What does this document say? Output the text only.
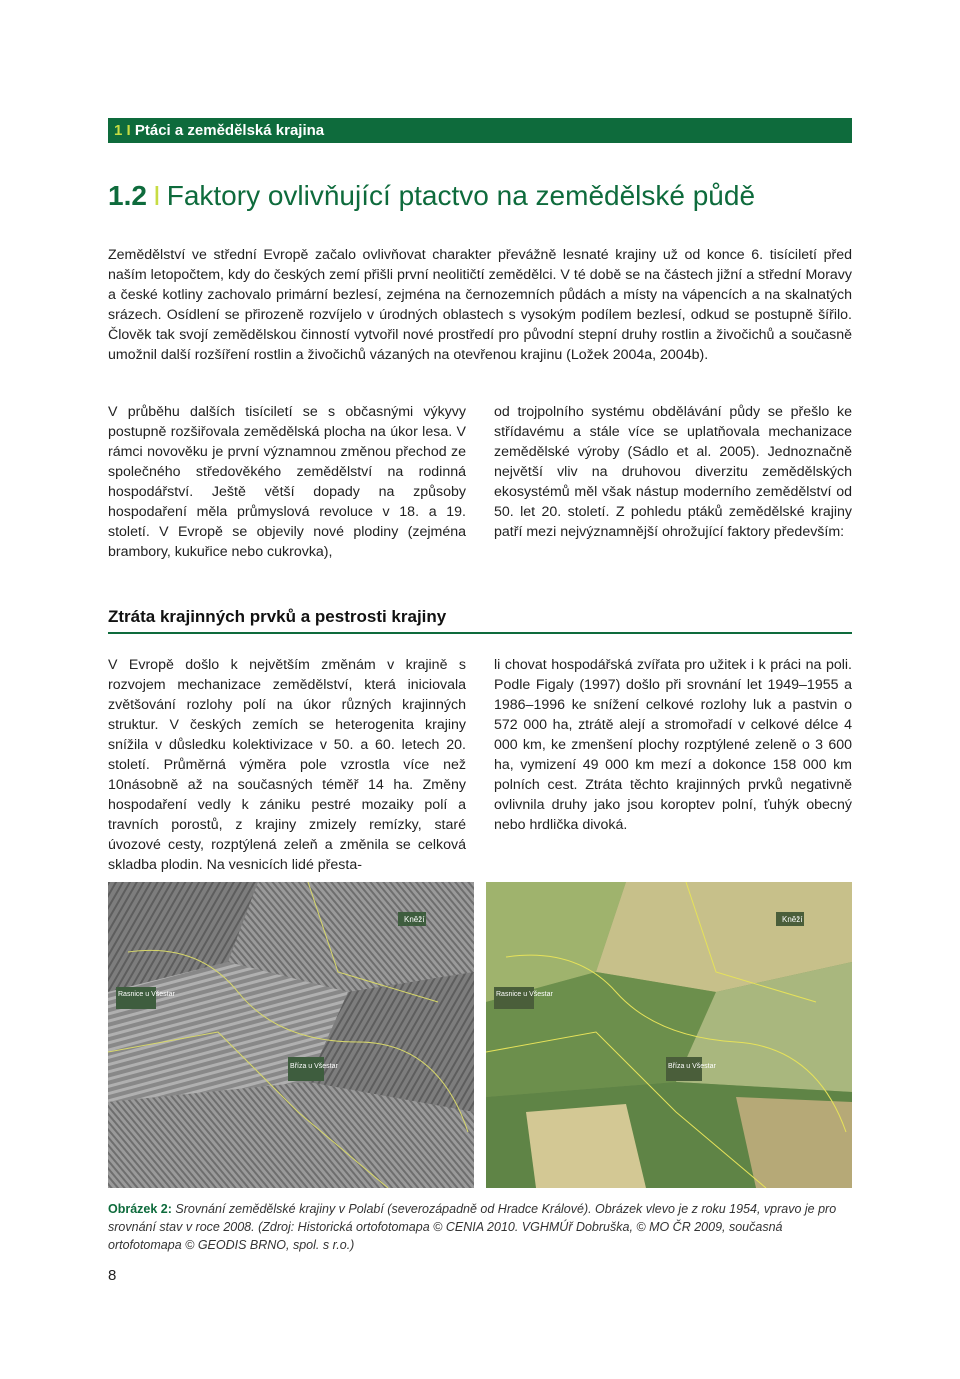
1 I Ptáci a zemědělská krajina
1.2 I Faktory ovlivňující ptactvo na zemědělské půdě

Zemědělství ve střední Evropě začalo ovlivňovat charakter převážně lesnaté krajiny už od konce 6. tisíciletí před naším letopočtem, kdy do českých zemí přišli první neolitičtí zemědělci. V té době se na částech jižní a střední Moravy a české kotliny zachovalo primární bezlesí, zejména na černozemních půdách a místy na vápencích a na skalnatých srázech. Osídlení se přirozeně rozvíjelo v úrodných oblastech s vysokým podílem bezlesí, odkud se postupně šířilo. Člověk tak svojí zemědělskou činností vytvořil nové prostředí pro původní stepní druhy rostlin a živočichů a současně umožnil další rozšíření rostlin a živočichů vázaných na otevřenou krajinu (Ložek 2004a, 2004b).

V průběhu dalších tisíciletí se s občasnými výkyvy postupně rozšiřovala zemědělská plocha na úkor lesa. V rámci novověku je první významnou změnou přechod ze společného středověkého zemědělství na rodinná hospodářství. Ještě větší dopady na způsoby hospodaření měla průmyslová revoluce v 18. a 19. století. V Evropě se objevily nové plodiny (zejména brambory, kukuřice nebo cukrovka),

od trojpolního systému obdělávání půdy se přešlo ke střídavému a stále více se uplatňovala mechanizace zemědělské výroby (Sádlo et al. 2005). Jednoznačně největší vliv na druhovou diverzitu zemědělských ekosystémů měl však nástup moderního zemědělství od 50. let 20. století. Z pohledu ptáků zemědělské krajiny patří mezi nejvýznamnější ohrožující faktory především:

Ztráta krajinných prvků a pestrosti krajiny

V Evropě došlo k největším změnám v krajině s rozvojem mechanizace zemědělství, která iniciovala zvětšování rozlohy polí na úkor různých krajinných struktur. V českých zemích se heterogenita krajiny snížila v důsledku kolektivizace v 50. a 60. letech 20. století. Průměrná výměra pole vzrostla více než 10násobně až na současných téměř 14 ha. Změny hospodaření vedly k zániku pestré mozaiky polí a travních porostů, z krajiny zmizely remízky, staré úvozové cesty, rozptýlená zeleň a změnila se celková skladba plodin. Na vesnicích lidé přesta-

li chovat hospodářská zvířata pro užitek i k práci na poli. Podle Figaly (1997) došlo při srovnání let 1949–1955 a 1986–1996 ke snížení celkové rozlohy luk a pastvin o 572 000 ha, ztrátě alejí a stromořadí v celkové délce 4 000 km, ke zmenšení plochy rozptýlené zeleně o 3 600 ha, vymizení 49 000 km mezí a dokonce 158 000 km polních cest. Ztráta těchto krajinných prvků negativně ovlivnila druhy jako jsou koroptev polní, ťuhýk obecný nebo hrdlička divoká.

Kněží
Rasnice u Všestar
Bříza u Všestar
Kněží
Rasnice u Všestar
Bříza u Všestar

Obrázek 2: Srovnání zemědělské krajiny v Polabí (severozápadně od Hradce Králové). Obrázek vlevo je z roku 1954, vpravo je pro srovnání stav v roce 2008. (Zdroj: Historická ortofotomapa © CENIA 2010. VGHMÚř Dobruška, © MO ČR 2009, současná ortofotomapa © GEODIS BRNO, spol. s r.o.)

8
